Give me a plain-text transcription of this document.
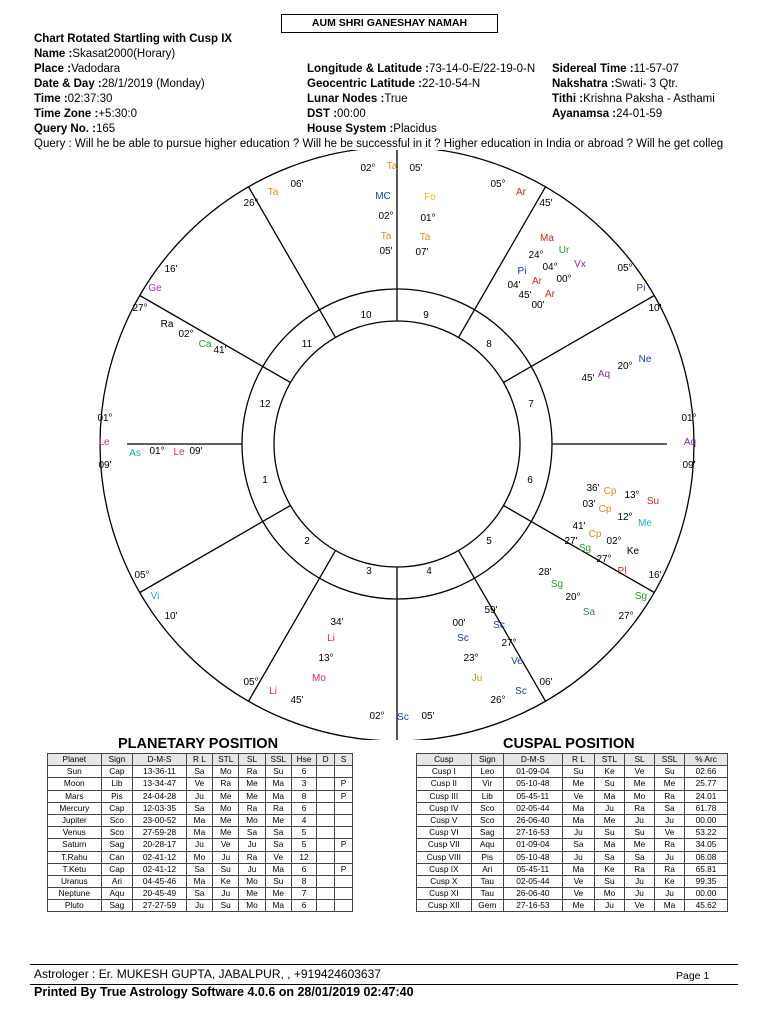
AUM SHRI GANESHAY NAMAH
Chart Rotated Startling with Cusp IX
Name :Skasat2000(Horary)
Place :Vadodara
Date & Day :28/1/2019 (Monday)
Time :02:37:30
Time Zone :+5:30:0
Query No. :165
Longitude & Latitude :73-14-0-E/22-19-0-N
Geocentric Latitude :22-10-54-N
Lunar Nodes :True
DST :00:00
House System :Placidus
Sidereal Time :11-57-07
Nakshatra :Swati- 3 Qtr.
Tithi :Krishna Paksha - Asthami
Ayanamsa :24-01-59
Query : Will he be able to pursue higher education ? Will he be successful in it ? Higher education in India or abroad ? Will he get colleg
1
2
3	4
5
6
7
8
9
10
11
12
02° Ta 05'
MC	Fo
02°	01°
Ta	Ta
05' 07'
06'
Ta
26°
05°
Ar
45'
Ma
Ur
24°
Vx
04°
Pi
Ar 00°
04'
Ar
45'
00'
16'
Ge
27°
05°
Pi
10'
Ra
02°
Ca
41'
Ne
20°
Aq
45'
01°
Le
09'
01°
Aq
09'
As 01° Le 09'
36' Cp 13°
Su
03' Cp
12°
Me
41'
Cp
02°
27'
Ke
Sg
27°
Pl
28'
Sg
20°
Sa
05°
Vi
10'
16'
Sg
27°
34'
Li
13°
Mo
00'
59'
Sc
Sc
27°
23°	Ve
Ju
05°
Li
45'
06'
Sc
26°
02° Sc 05'
PLANETARY POSITION
Planet	Sign	D-M-S	R L	STL	SL	SSL	Hse	D	S
Sun	Cap	13-36-11	Sa	Mo	Ra	Su	6		
Moon	Lib	13-34-47	Ve	Ra	Me	Ma	3		P
Mars	Pis	24-04-28	Ju	Me	Me	Ma	8		P
Mercury	Cap	12-03-35	Sa	Mo	Ra	Ra	6		
Jupiter	Sco	23-00-52	Ma	Me	Mo	Me	4		
Venus	Sco	27-59-28	Ma	Me	Sa	Sa	5		
Saturn	Sag	20-28-17	Ju	Ve	Ju	Sa	5		P
T.Rahu	Can	02-41-12	Mo	Ju	Ra	Ve	12		
T.Ketu	Cap	02-41-12	Sa	Su	Ju	Ma	6		P
Uranus	Ari	04-45-46	Ma	Ke	Mo	Su	8		
Neptune	Aqu	20-45-49	Sa	Ju	Me	Me	7		
Pluto	Sag	27-27-59	Ju	Su	Mo	Ma	6		
CUSPAL POSITION
Cusp	Sign	D-M-S	R L	STL	SL	SSL	% Arc
Cusp I	Leo	01-09-04	Su	Ke	Ve	Su	02.66
Cusp II	Vir	05-10-48	Me	Su	Me	Me	25.77
Cusp III	Lib	05-45-11	Ve	Ma	Mo	Ra	24.01
Cusp IV	Sco	02-05-44	Ma	Ju	Ra	Sa	61.78
Cusp V	Sco	26-06-40	Ma	Me	Ju	Ju	00.00
Cusp VI	Sag	27-16-53	Ju	Su	Su	Ve	53.22
Cusp VII	Aqu	01-09-04	Sa	Ma	Me	Ra	34.05
Cusp VIII	Pis	05-10-48	Ju	Sa	Sa	Ju	06.08
Cusp IX	Ari	05-45-11	Ma	Ke	Ra	Ra	65.81
Cusp X	Tau	02-05-44	Ve	Su	Ju	Ke	99.35
Cusp XI	Tau	26-06-40	Ve	Mo	Ju	Ju	00.00
Cusp XII	Gem	27-16-53	Me	Ju	Ve	Ma	45.62
Astrologer : Er. MUKESH GUPTA, JABALPUR, , +919424603637	Page 1
Printed By True Astrology Software 4.0.6 on 28/01/2019 02:47:40
